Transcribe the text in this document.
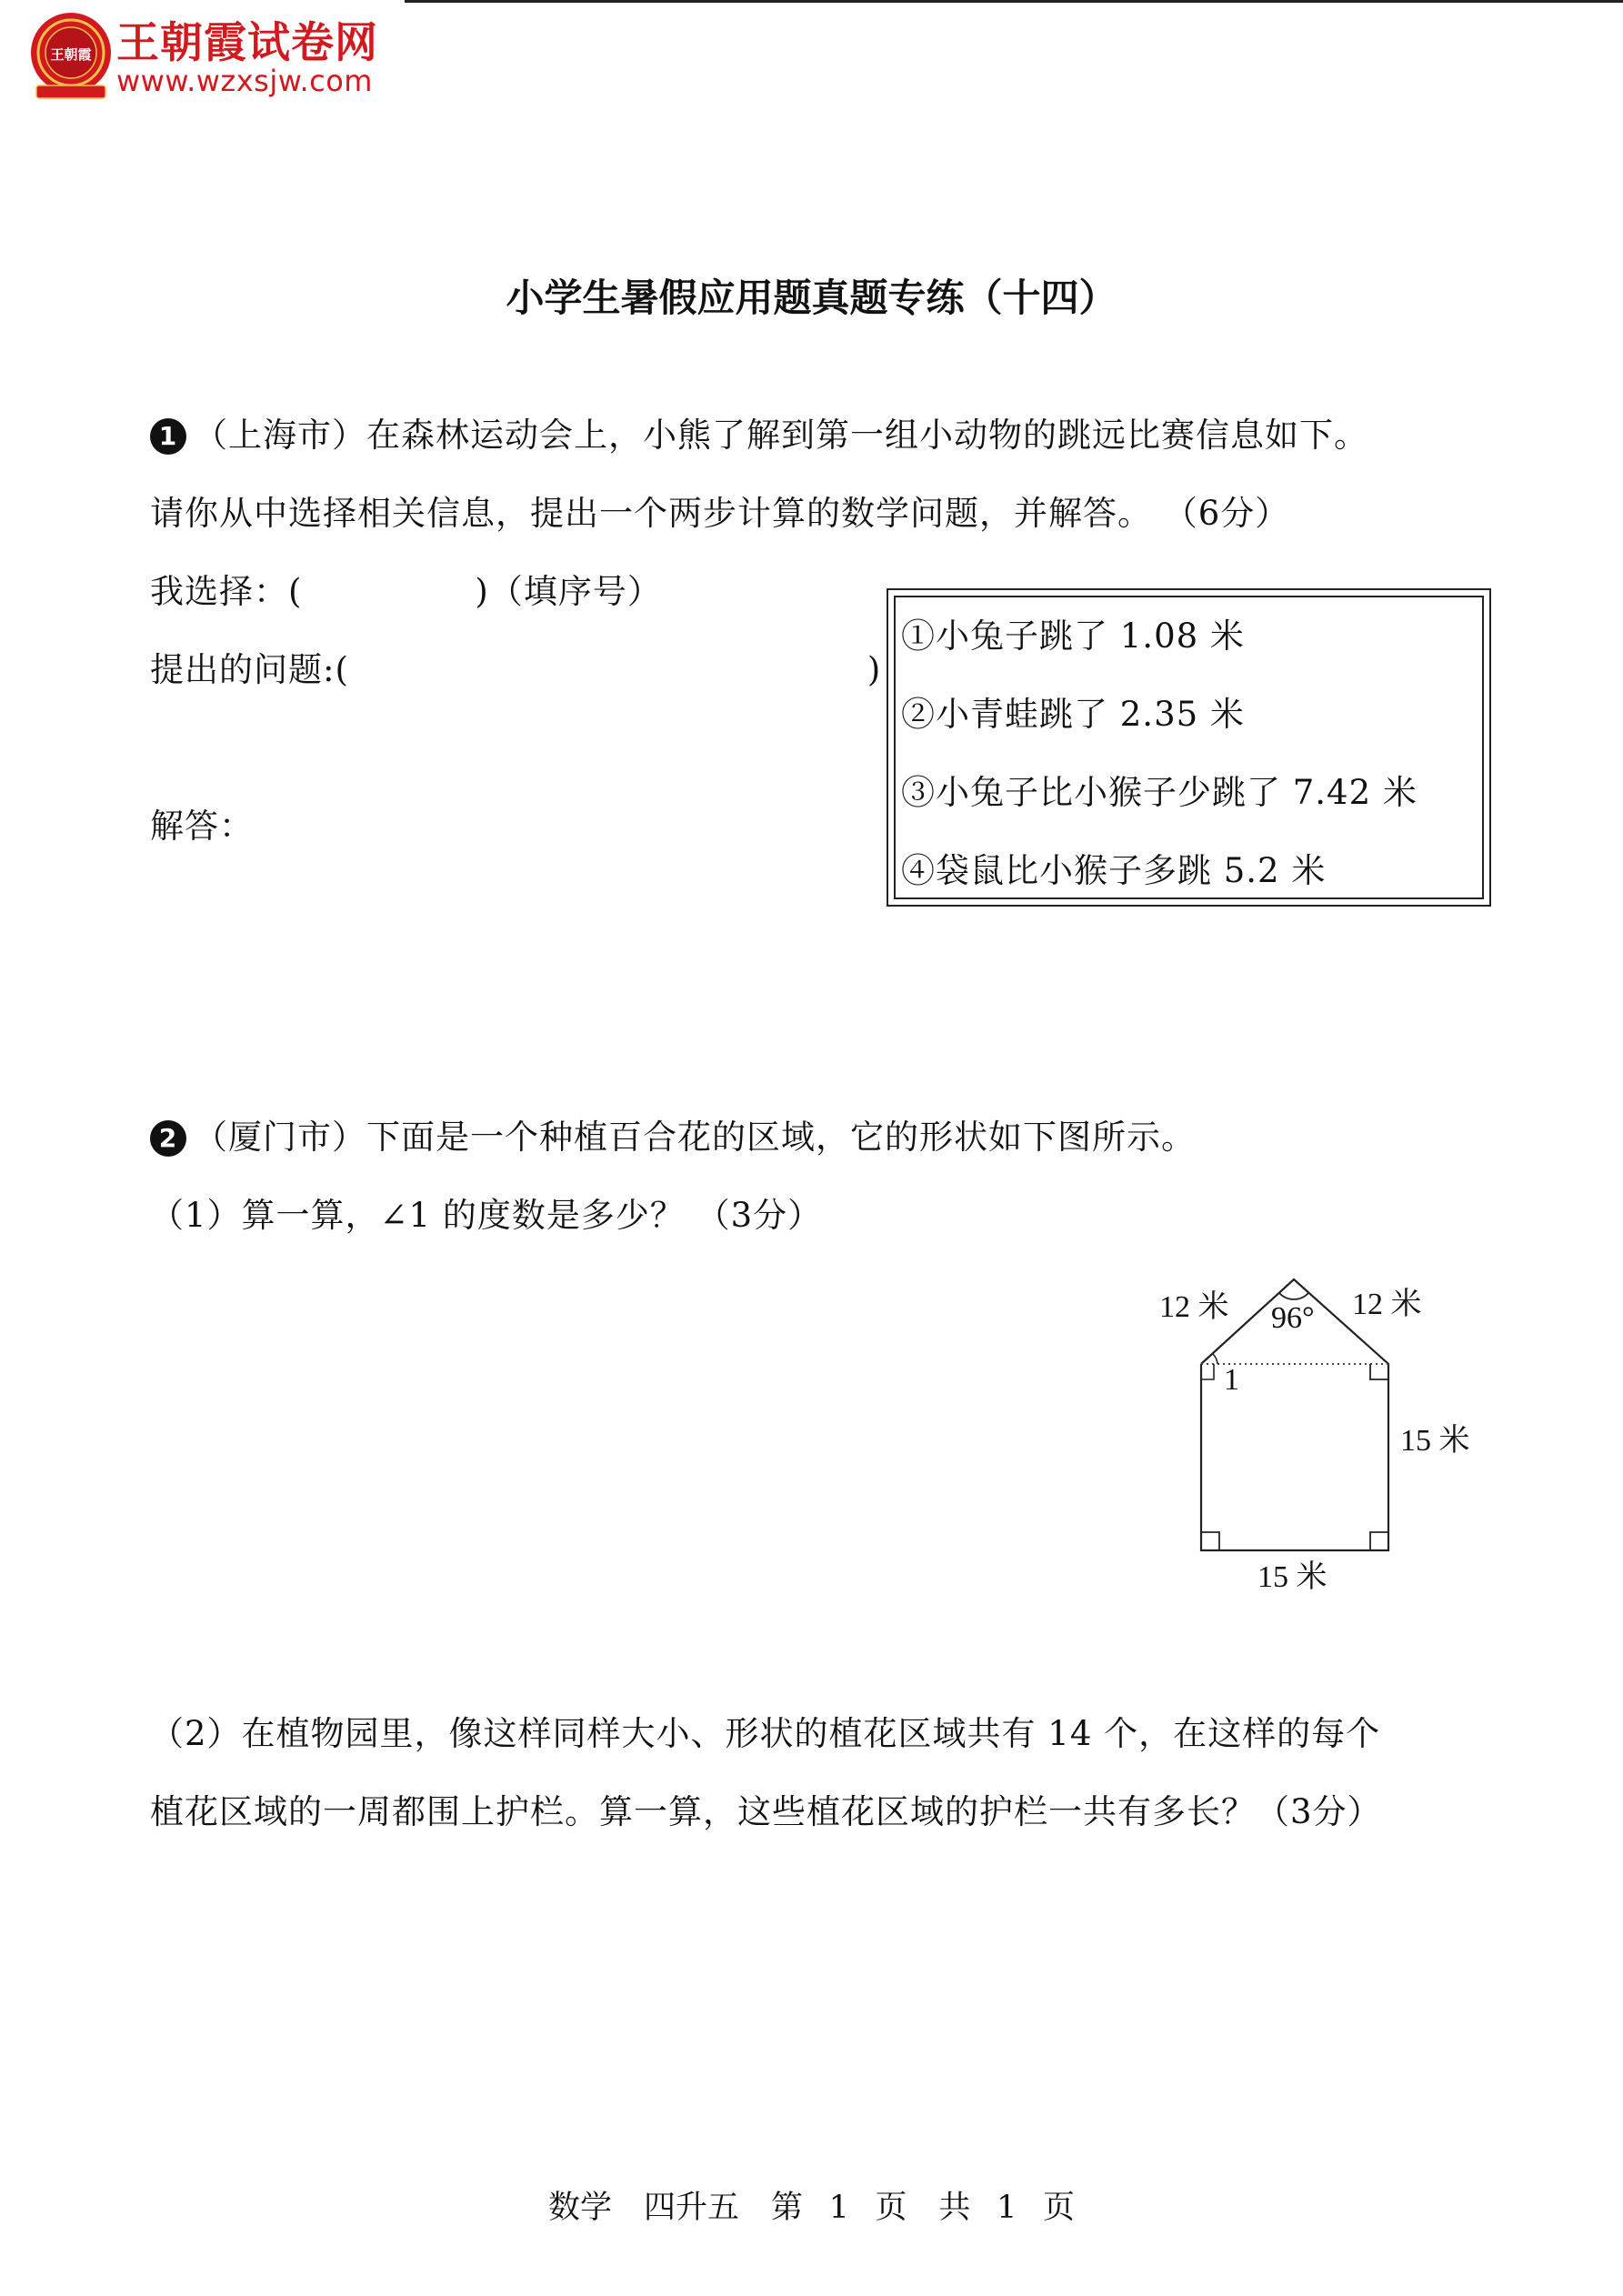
王朝霞 王朝霞试卷网
www.wzxsjw.com
小学生暑假应用题真题专练（十四）
1 （上海市）在森林运动会上，小熊了解到第一组小动物的跳远比赛信息如下。
请你从中选择相关信息，提出一个两步计算的数学问题，并解答。 （6分）
我选择：(　　　　　)（填序号）
提出的问题:(　　　　　　　　　　　　　　　)
解答：
①小兔子跳了 1.08 米
②小青蛙跳了 2.35 米
③小兔子比小猴子少跳了 7.42 米
④袋鼠比小猴子多跳 5.2 米
2 （厦门市）下面是一个种植百合花的区域，它的形状如下图所示。
（1）算一算，∠1 的度数是多少？ （3分）
12 米	12 米
96°
1
15 米
15 米
（2）在植物园里，像这样同样大小、形状的植花区域共有 14 个，在这样的每个
植花区域的一周都围上护栏。算一算，这些植花区域的护栏一共有多长？（3分）
数学　四升五　第 1 页　共 1 页
